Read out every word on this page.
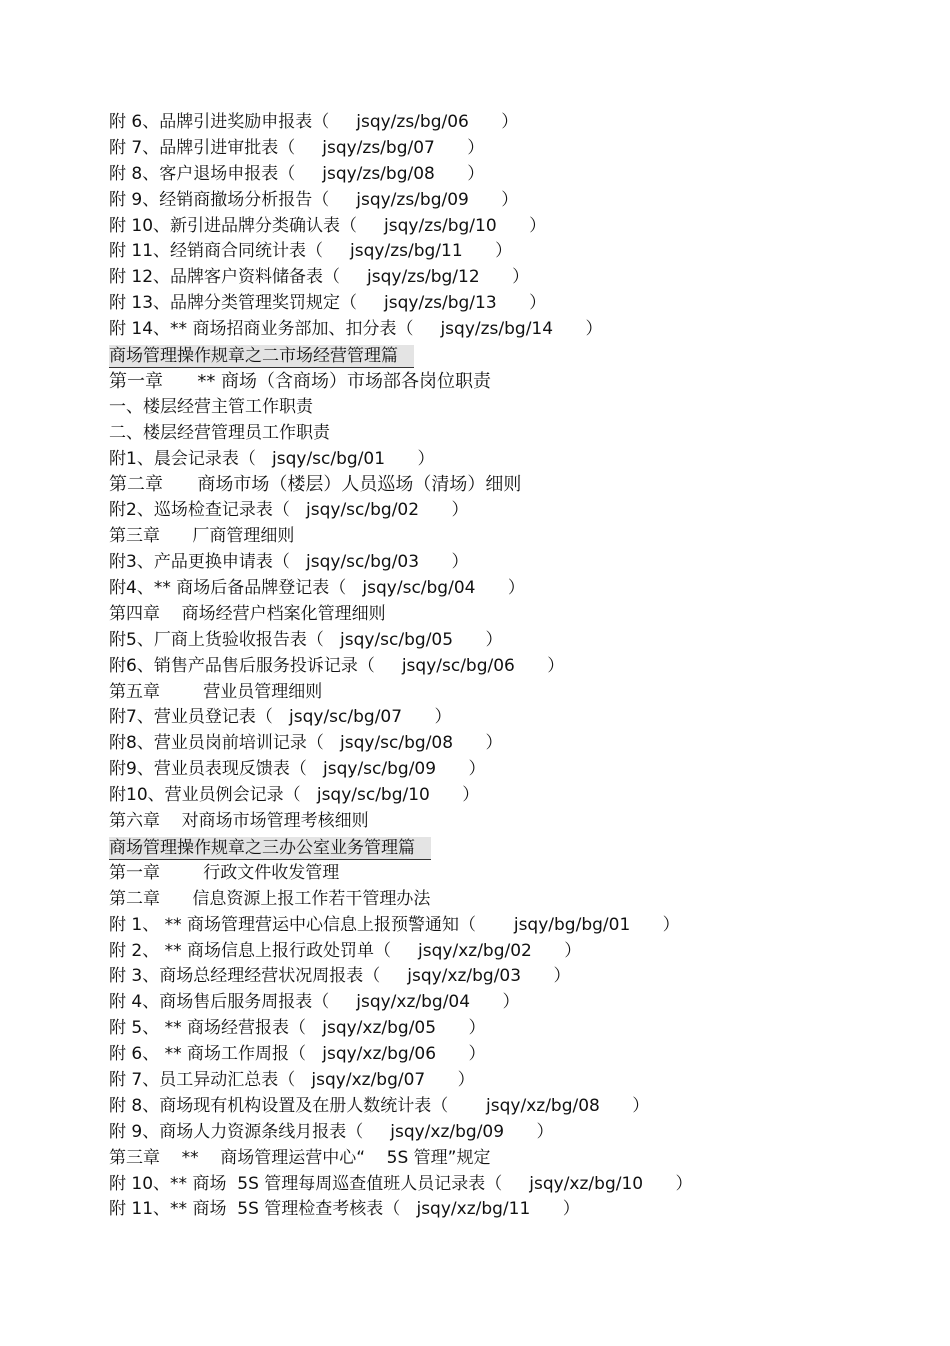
附 6、品牌引进奖励申报表（     jsqy/zs/bg/06      ）
附 7、品牌引进审批表（     jsqy/zs/bg/07      ）
附 8、客户退场申报表（     jsqy/zs/bg/08      ）
附 9、经销商撤场分析报告（     jsqy/zs/bg/09      ）
附 10、新引进品牌分类确认表（     jsqy/zs/bg/10      ）
附 11、经销商合同统计表（     jsqy/zs/bg/11      ）
附 12、品牌客户资料储备表（     jsqy/zs/bg/12      ）
附 13、品牌分类管理奖罚规定（     jsqy/zs/bg/13      ）
附 14、** 商场招商业务部加、扣分表（     jsqy/zs/bg/14      ）
商场管理操作规章之二市场经营管理篇
第一章      ** 商场（含商场）市场部各岗位职责
一、楼层经营主管工作职责
二、楼层经营管理员工作职责
附1、晨会记录表（   jsqy/sc/bg/01      ）
第二章      商场市场（楼层）人员巡场（清场）细则
附2、巡场检查记录表（   jsqy/sc/bg/02      ）
第三章      厂商管理细则
附3、产品更换申请表（   jsqy/sc/bg/03      ）
附4、** 商场后备品牌登记表（   jsqy/sc/bg/04      ）
第四章    商场经营户档案化管理细则
附5、厂商上货验收报告表（   jsqy/sc/bg/05      ）
附6、销售产品售后服务投诉记录（     jsqy/sc/bg/06      ）
第五章        营业员管理细则
附7、营业员登记表（   jsqy/sc/bg/07      ）
附8、营业员岗前培训记录（   jsqy/sc/bg/08      ）
附9、营业员表现反馈表（   jsqy/sc/bg/09      ）
附10、营业员例会记录（   jsqy/sc/bg/10      ）
第六章    对商场市场管理考核细则
商场管理操作规章之三办公室业务管理篇
第一章        行政文件收发管理
第二章      信息资源上报工作若干管理办法
附 1、 ** 商场管理营运中心信息上报预警通知（       jsqy/bg/bg/01      ）
附 2、 ** 商场信息上报行政处罚单（     jsqy/xz/bg/02      ）
附 3、商场总经理经营状况周报表（     jsqy/xz/bg/03      ）
附 4、商场售后服务周报表（     jsqy/xz/bg/04      ）
附 5、 ** 商场经营报表（   jsqy/xz/bg/05      ）
附 6、 ** 商场工作周报（   jsqy/xz/bg/06      ）
附 7、员工异动汇总表（   jsqy/xz/bg/07      ）
附 8、商场现有机构设置及在册人数统计表（       jsqy/xz/bg/08      ）
附 9、商场人力资源条线月报表（     jsqy/xz/bg/09      ）
第三章    **    商场管理运营中心“    5S 管理”规定
附 10、** 商场  5S 管理每周巡查值班人员记录表（     jsqy/xz/bg/10      ）
附 11、** 商场  5S 管理检查考核表（   jsqy/xz/bg/11      ）
